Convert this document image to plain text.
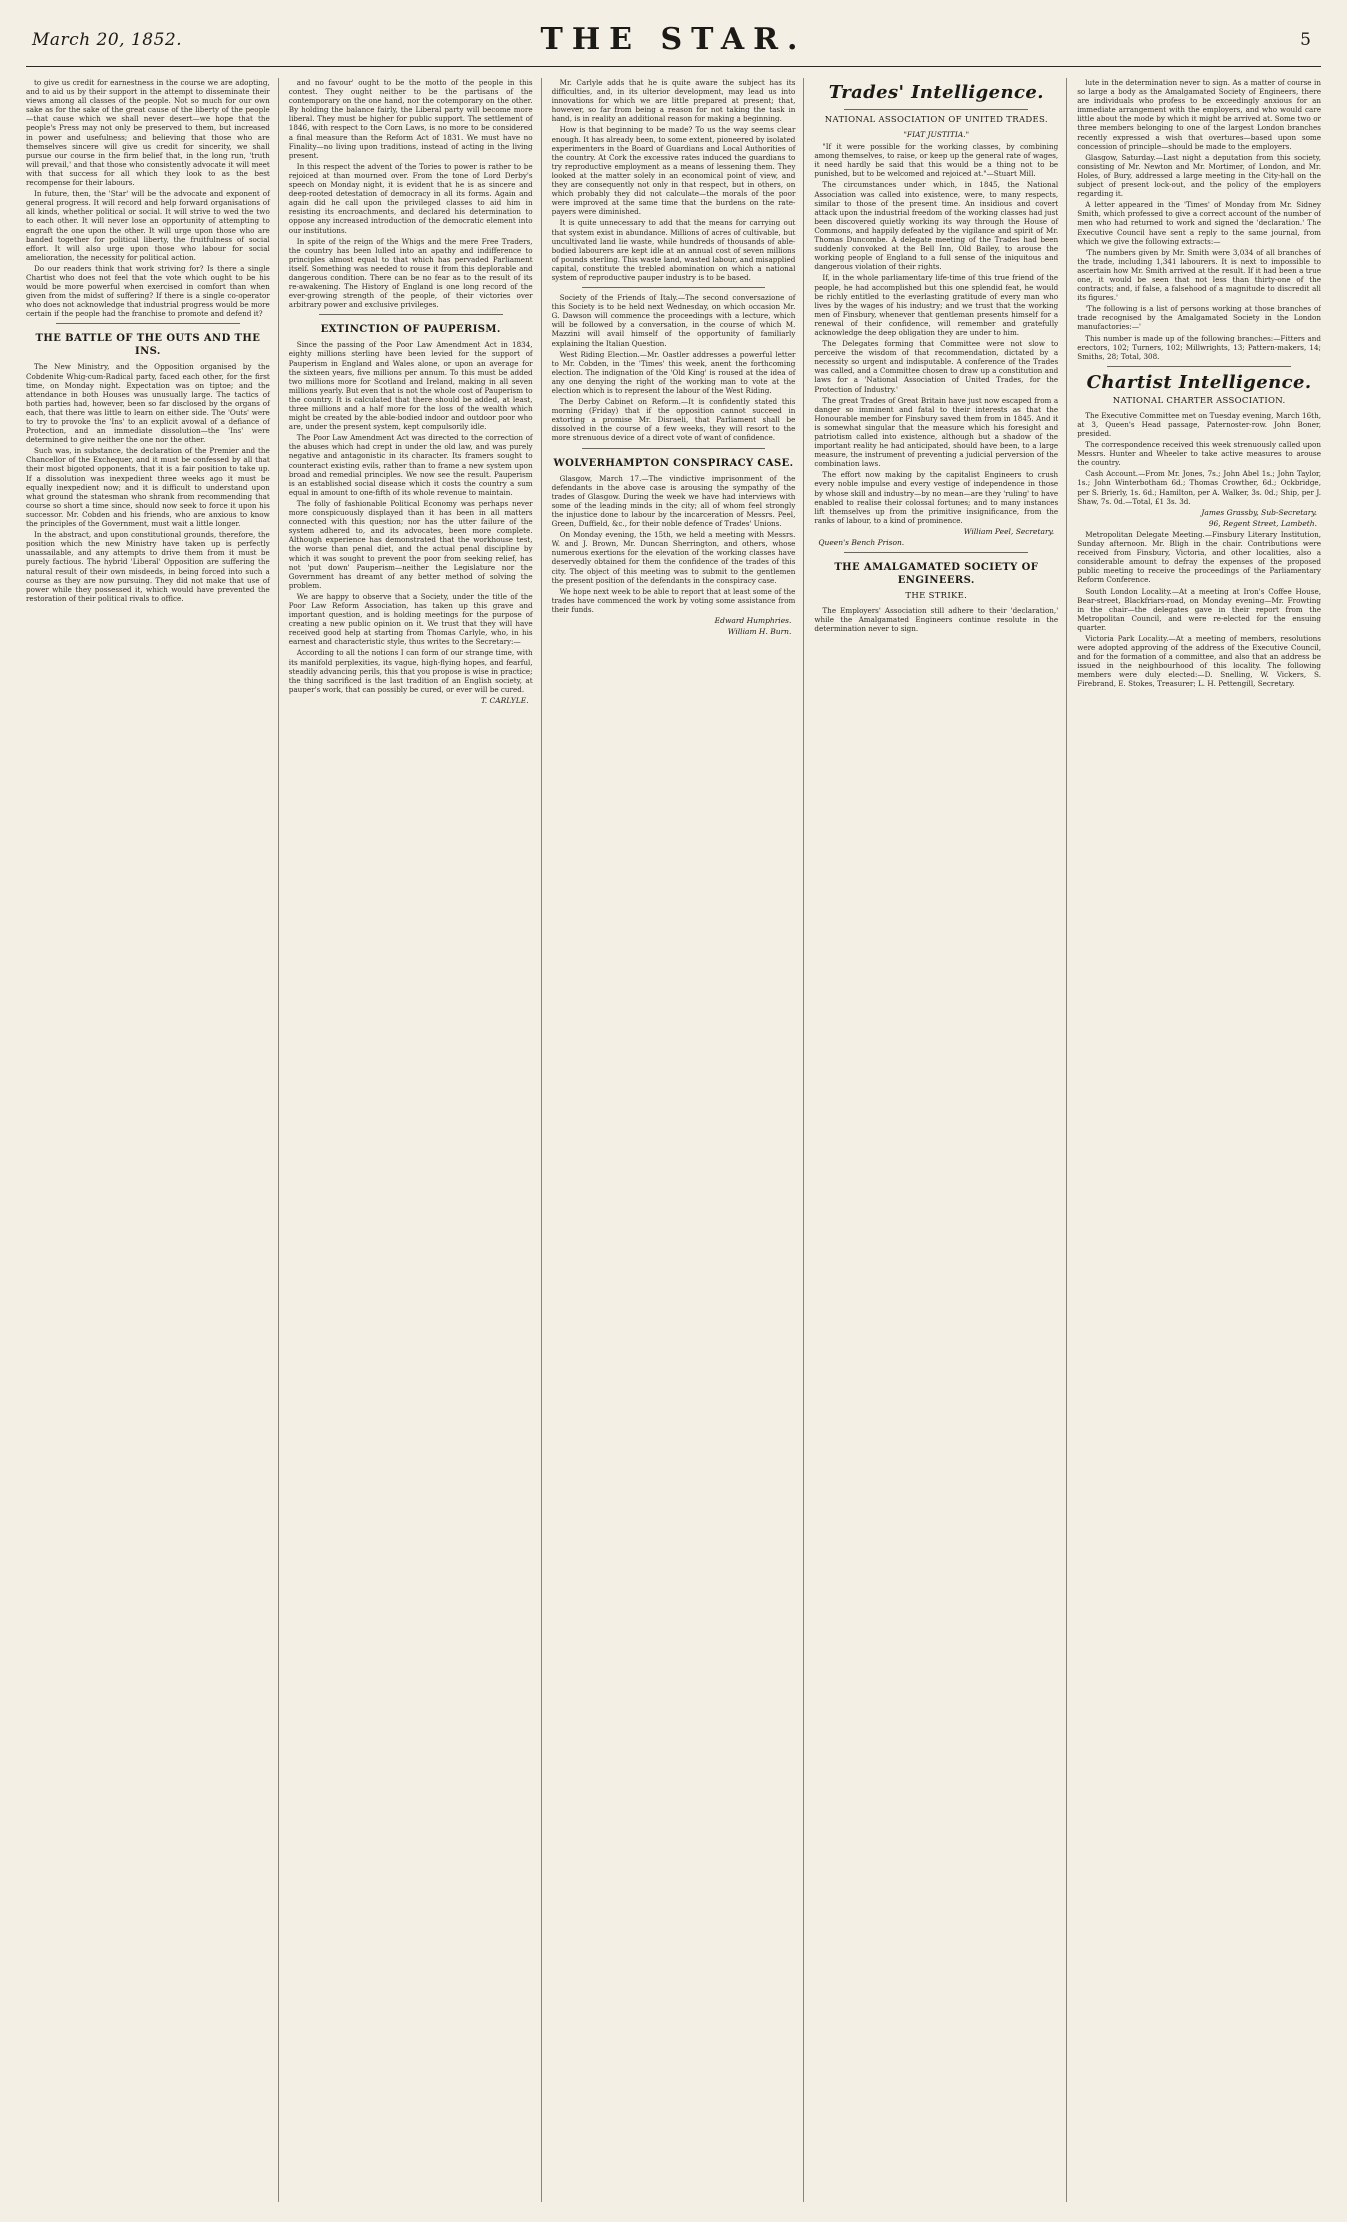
March 20, 1852.	THE STAR.	5

to give us credit for earnestness in the course we are adopting, and to aid us by their support in the attempt to disseminate their views among all classes of the people. Not so much for our own sake as for the sake of the great cause of the liberty of the people—that cause which we shall never desert—we hope that the people's Press may not only be preserved to them, but increased in power and usefulness; and believing that those who are themselves sincere will give us credit for sincerity, we shall pursue our course in the firm belief that, in the long run, 'truth will prevail,' and that those who consistently advocate it will meet with that success for all which they look to as the best recompense for their labours.

In future, then, the 'Star' will be the advocate and exponent of general progress. It will record and help forward organisations of all kinds, whether political or social. It will strive to wed the two to each other. It will never lose an opportunity of attempting to engraft the one upon the other. It will urge upon those who are banded together for political liberty, the fruitfulness of social effort. It will also urge upon those who labour for social amelioration, the necessity for political action.

Do our readers think that work striving for? Is there a single Chartist who does not feel that the vote which ought to be his would be more powerful when exercised in comfort than when given from the midst of suffering? If there is a single co-operator who does not acknowledge that industrial progress would be more certain if the people had the franchise to promote and defend it?

THE BATTLE OF THE OUTS AND THE INS.

The New Ministry, and the Opposition organised by the Cobdenite Whig-cum-Radical party, faced each other, for the first time, on Monday night. Expectation was on tiptoe; and the attendance in both Houses was unusually large. The tactics of both parties had, however, been so far disclosed by the organs of each, that there was little to learn on either side. The 'Outs' were to try to provoke the 'Ins' to an explicit avowal of a defiance of Protection, and an immediate dissolution—the 'Ins' were determined to give neither the one nor the other.

Such was, in substance, the declaration of the Premier and the Chancellor of the Exchequer, and it must be confessed by all that their most bigoted opponents, that it is a fair position to take up. If a dissolution was inexpedient three weeks ago it must be equally inexpedient now; and it is difficult to understand upon what ground the statesman who shrank from recommending that course so short a time since, should now seek to force it upon his successor. Mr. Cobden and his friends, who are anxious to know the principles of the Government, must wait a little longer.

In the abstract, and upon constitutional grounds, therefore, the position which the new Ministry have taken up is perfectly unassailable, and any attempts to drive them from it must be purely factious. The hybrid 'Liberal' Opposition are suffering the natural result of their own misdeeds, in being forced into such a course as they are now pursuing. They did not make that use of power while they possessed it, which would have prevented the restoration of their political rivals to office.

and no favour' ought to be the motto of the people in this contest. They ought neither to be the partisans of the contemporary on the one hand, nor the cotemporary on the other. By holding the balance fairly, the Liberal party will become more liberal. They must be higher for public support. The settlement of 1846, with respect to the Corn Laws, is no more to be considered a final measure than the Reform Act of 1831. We must have no Finality—no living upon traditions, instead of acting in the living present.

In this respect the advent of the Tories to power is rather to be rejoiced at than mourned over. From the tone of Lord Derby's speech on Monday night, it is evident that he is as sincere and deep-rooted detestation of democracy in all its forms. Again and again did he call upon the privileged classes to aid him in resisting its encroachments, and declared his determination to oppose any increased introduction of the democratic element into our institutions.

In spite of the reign of the Whigs and the mere Free Traders, the country has been lulled into an apathy and indifference to principles almost equal to that which has pervaded Parliament itself. Something was needed to rouse it from this deplorable and dangerous condition. There can be no fear as to the result of its re-awakening. The History of England is one long record of the ever-growing strength of the people, of their victories over arbitrary power and exclusive privileges.

EXTINCTION OF PAUPERISM.

Since the passing of the Poor Law Amendment Act in 1834, eighty millions sterling have been levied for the support of Pauperism in England and Wales alone, or upon an average for the sixteen years, five millions per annum. To this must be added two millions more for Scotland and Ireland, making in all seven millions yearly. But even that is not the whole cost of Pauperism to the country. It is calculated that there should be added, at least, three millions and a half more for the loss of the wealth which might be created by the able-bodied indoor and outdoor poor who are, under the present system, kept compulsorily idle.

The Poor Law Amendment Act was directed to the correction of the abuses which had crept in under the old law, and was purely negative and antagonistic in its character. Its framers sought to counteract existing evils, rather than to frame a new system upon broad and remedial principles. We now see the result. Pauperism is an established social disease which it costs the country a sum equal in amount to one-fifth of its whole revenue to maintain.

The folly of fashionable Political Economy was perhaps never more conspicuously displayed than it has been in all matters connected with this question; nor has the utter failure of the system adhered to, and its advocates, been more complete. Although experience has demonstrated that the workhouse test, the worse than penal diet, and the actual penal discipline by which it was sought to prevent the poor from seeking relief, has not 'put down' Pauperism—neither the Legislature nor the Government has dreamt of any better method of solving the problem.

We are happy to observe that a Society, under the title of the Poor Law Reform Association, has taken up this grave and important question, and is holding meetings for the purpose of creating a new public opinion on it. We trust that they will have received good help at starting from Thomas Carlyle, who, in his earnest and characteristic style, thus writes to the Secretary:—

According to all the notions I can form of our strange time, with its manifold perplexities, its vague, high-flying hopes, and fearful, steadily advancing perils, this that you propose is wise in practice; the thing sacrificed is the last tradition of an English society, at pauper's work, that can possibly be cured, or ever will be cured.

T. CARLYLE.

Mr. Carlyle adds that he is quite aware the subject has its difficulties, and, in its ulterior development, may lead us into innovations for which we are little prepared at present; that, however, so far from being a reason for not taking the task in hand, is in reality an additional reason for making a beginning.

How is that beginning to be made? To us the way seems clear enough. It has already been, to some extent, pioneered by isolated experimenters in the Board of Guardians and Local Authorities of the country. At Cork the excessive rates induced the guardians to try reproductive employment as a means of lessening them. They looked at the matter solely in an economical point of view, and they are consequently not only in that respect, but in others, on which probably they did not calculate—the morals of the poor were improved at the same time that the burdens on the rate-payers were diminished.

It is quite unnecessary to add that the means for carrying out that system exist in abundance. Millions of acres of cultivable, but uncultivated land lie waste, while hundreds of thousands of able-bodied labourers are kept idle at an annual cost of seven millions of pounds sterling. This waste land, wasted labour, and misapplied capital, constitute the trebled abomination on which a national system of reproductive pauper industry is to be based.

Society of the Friends of Italy.—The second conversazione of this Society is to be held next Wednesday, on which occasion Mr. G. Dawson will commence the proceedings with a lecture, which will be followed by a conversation, in the course of which M. Mazzini will avail himself of the opportunity of familiarly explaining the Italian Question.

West Riding Election.—Mr. Oastler addresses a powerful letter to Mr. Cobden, in the 'Times' this week, anent the forthcoming election. The indignation of the 'Old King' is roused at the idea of any one denying the right of the working man to vote at the election which is to represent the labour of the West Riding.

The Derby Cabinet on Reform.—It is confidently stated this morning (Friday) that if the opposition cannot succeed in extorting a promise Mr. Disraeli, that Parliament shall be dissolved in the course of a few weeks, they will resort to the more strenuous device of a direct vote of want of confidence.

WOLVERHAMPTON CONSPIRACY CASE.

Glasgow, March 17.—The vindictive imprisonment of the defendants in the above case is arousing the sympathy of the trades of Glasgow. During the week we have had interviews with some of the leading minds in the city; all of whom feel strongly the injustice done to labour by the incarceration of Messrs. Peel, Green, Duffield, &c., for their noble defence of Trades' Unions.

On Monday evening, the 15th, we held a meeting with Messrs. W. and J. Brown, Mr. Duncan Sherrington, and others, whose numerous exertions for the elevation of the working classes have deservedly obtained for them the confidence of the trades of this city. The object of this meeting was to submit to the gentlemen the present position of the defendants in the conspiracy case.

We hope next week to be able to report that at least some of the trades have commenced the work by voting some assistance from their funds.

Edward Humphries.
William H. Burn.
Trades' Intelligence.
NATIONAL ASSOCIATION OF UNITED TRADES.
"FIAT JUSTITIA."

"If it were possible for the working classes, by combining among themselves, to raise, or keep up the general rate of wages, it need hardly be said that this would be a thing not to be punished, but to be welcomed and rejoiced at."—Stuart Mill.

The circumstances under which, in 1845, the National Association was called into existence, were, to many respects, similar to those of the present time. An insidious and covert attack upon the industrial freedom of the working classes had just been discovered quietly working its way through the House of Commons, and happily defeated by the vigilance and spirit of Mr. Thomas Duncombe. A delegate meeting of the Trades had been suddenly convoked at the Bell Inn, Old Bailey, to arouse the working people of England to a full sense of the iniquitous and dangerous violation of their rights.

If, in the whole parliamentary life-time of this true friend of the people, he had accomplished but this one splendid feat, he would be richly entitled to the everlasting gratitude of every man who lives by the wages of his industry; and we trust that the working men of Finsbury, whenever that gentleman presents himself for a renewal of their confidence, will remember and gratefully acknowledge the deep obligation they are under to him.

The Delegates forming that Committee were not slow to perceive the wisdom of that recommendation, dictated by a necessity so urgent and indisputable. A conference of the Trades was called, and a Committee chosen to draw up a constitution and laws for a 'National Association of United Trades, for the Protection of Industry.'

The great Trades of Great Britain have just now escaped from a danger so imminent and fatal to their interests as that the Honourable member for Finsbury saved them from in 1845. And it is somewhat singular that the measure which his foresight and patriotism called into existence, although but a shadow of the important reality he had anticipated, should have been, to a large measure, the instrument of preventing a judicial perversion of the combination laws.

The effort now making by the capitalist Engineers to crush every noble impulse and every vestige of independence in those by whose skill and industry—by no mean—are they 'ruling' to have enabled to realise their colossal fortunes; and to many instances lift themselves up from the primitive insignificance, from the ranks of labour, to a kind of prominence.

William Peel, Secretary.
Queen's Bench Prison.
THE AMALGAMATED SOCIETY OF ENGINEERS.
THE STRIKE.

The Employers' Association still adhere to their 'declaration,' while the Amalgamated Engineers continue resolute in the determination never to sign.

lute in the determination never to sign. As a matter of course in so large a body as the Amalgamated Society of Engineers, there are individuals who profess to be exceedingly anxious for an immediate arrangement with the employers, and who would care little about the mode by which it might be arrived at. Some two or three members belonging to one of the largest London branches recently expressed a wish that overtures—based upon some concession of principle—should be made to the employers.

Glasgow, Saturday.—Last night a deputation from this society, consisting of Mr. Newton and Mr. Mortimer, of London, and Mr. Holes, of Bury, addressed a large meeting in the City-hall on the subject of present lock-out, and the policy of the employers regarding it.

A letter appeared in the 'Times' of Monday from Mr. Sidney Smith, which professed to give a correct account of the number of men who had returned to work and signed the 'declaration.' The Executive Council have sent a reply to the same journal, from which we give the following extracts:—

'The numbers given by Mr. Smith were 3,034 of all branches of the trade, including 1,341 labourers. It is next to impossible to ascertain how Mr. Smith arrived at the result. If it had been a true one, it would be seen that not less than thirty-one of the contracts; and, if false, a falsehood of a magnitude to discredit all its figures.'

'The following is a list of persons working at those branches of trade recognised by the Amalgamated Society in the London manufactories:—'

This number is made up of the following branches:—Fitters and erectors, 102; Turners, 102; Millwrights, 13; Pattern-makers, 14; Smiths, 28; Total, 308.

Chartist Intelligence.
NATIONAL CHARTER ASSOCIATION.

The Executive Committee met on Tuesday evening, March 16th, at 3, Queen's Head passage, Paternoster-row. John Boner, presided.

The correspondence received this week strenuously called upon Messrs. Hunter and Wheeler to take active measures to arouse the country.

Cash Account.—From Mr. Jones, 7s.; John Abel 1s.; John Taylor, 1s.; John Winterbotham 6d.; Thomas Crowther, 6d.; Ockbridge, per S. Brierly, 1s. 6d.; Hamilton, per A. Walker, 3s. 0d.; Ship, per J. Shaw, 7s. 0d.—Total, £1 3s. 3d.

James Grassby, Sub-Secretary.
96, Regent Street, Lambeth.

Metropolitan Delegate Meeting.—Finsbury Literary Institution, Sunday afternoon. Mr. Bligh in the chair. Contributions were received from Finsbury, Victoria, and other localities, also a considerable amount to defray the expenses of the proposed public meeting to receive the proceedings of the Parliamentary Reform Conference.

South London Locality.—At a meeting at Iron's Coffee House, Bear-street, Blackfriars-road, on Monday evening—Mr. Frowting in the chair—the delegates gave in their report from the Metropolitan Council, and were re-elected for the ensuing quarter.

Victoria Park Locality.—At a meeting of members, resolutions were adopted approving of the address of the Executive Council, and for the formation of a committee, and also that an address be issued in the neighbourhood of this locality. The following members were duly elected:—D. Snelling, W. Vickers, S. Firebrand, E. Stokes, Treasurer; L. H. Pettengill, Secretary.
